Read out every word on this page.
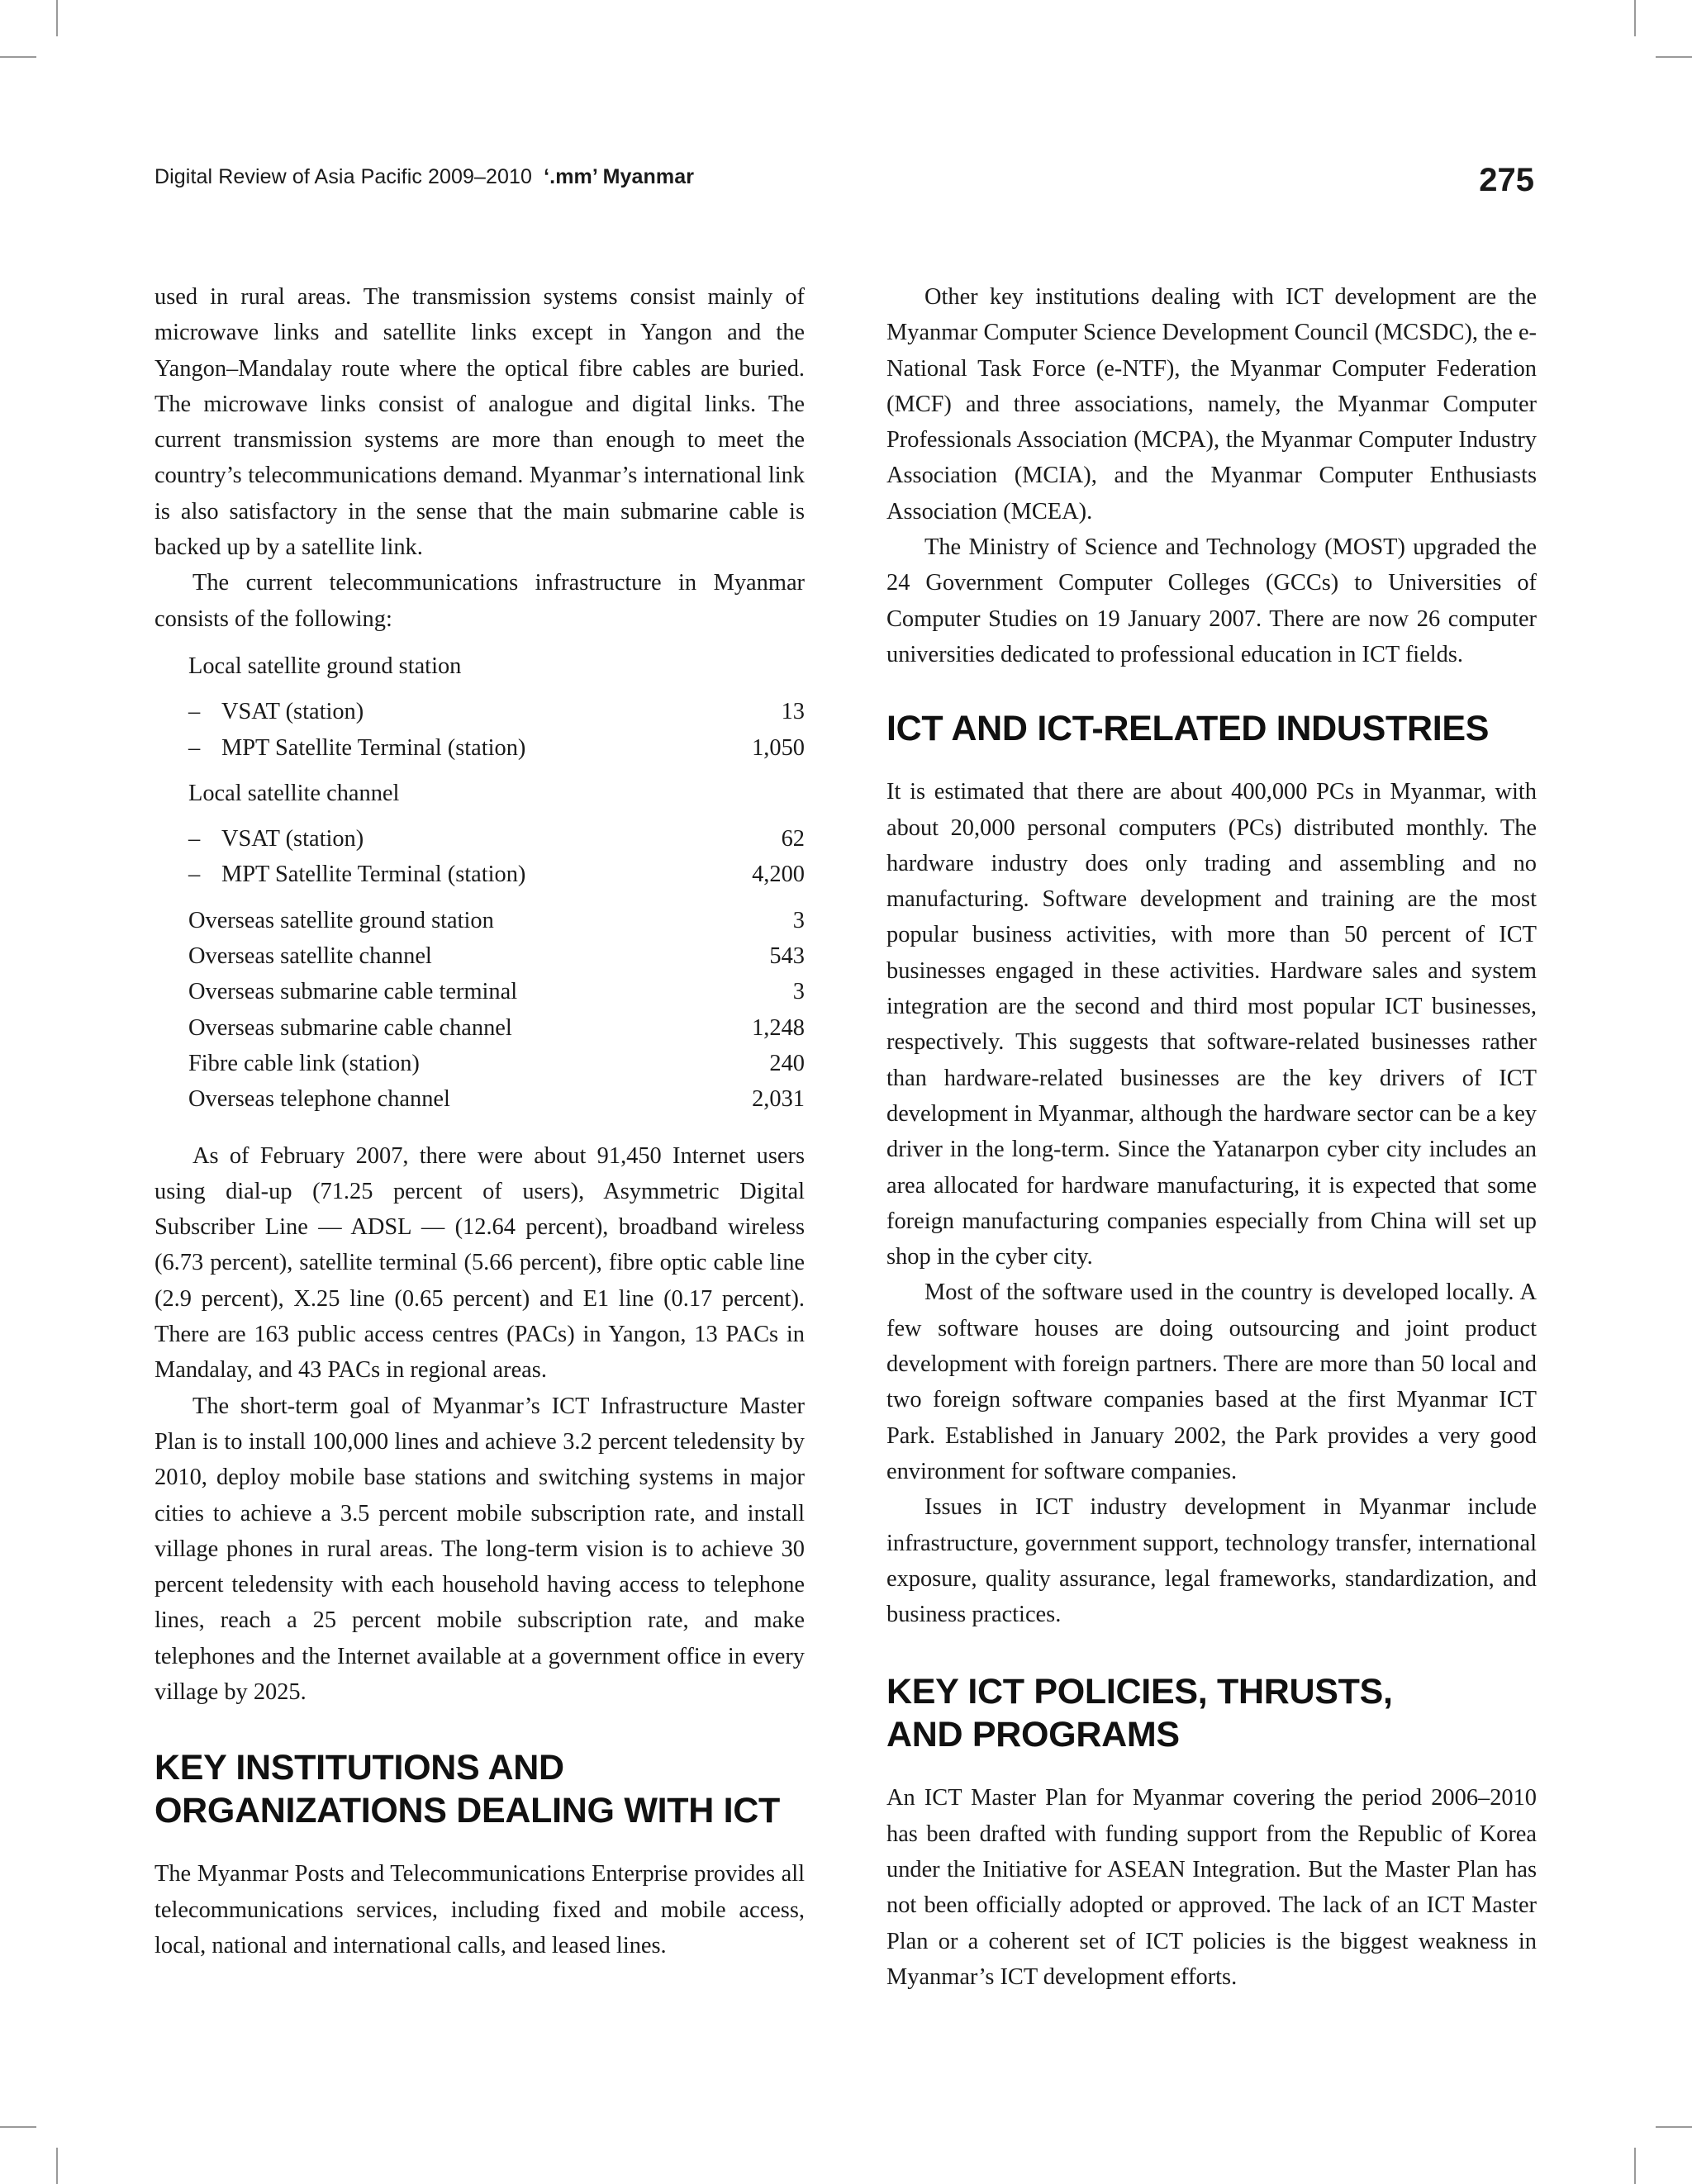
Digital Review of Asia Pacific 2009–2010 ‘.mm’ Myanmar	275

used in rural areas. The transmission systems consist mainly of microwave links and satellite links except in Yangon and the Yangon–Mandalay route where the optical fibre cables are buried. The microwave links consist of analogue and digital links. The current transmission systems are more than enough to meet the country’s telecommunications demand. Myanmar’s international link is also satisfactory in the sense that the main submarine cable is backed up by a satellite link.

The current telecommunications infrastructure in Myanmar consists of the following:

Local satellite ground station

– VSAT (station)	13
– MPT Satellite Terminal (station)	1,050

Local satellite channel

– VSAT (station)	62
– MPT Satellite Terminal (station)	4,200
Overseas satellite ground station	3
Overseas satellite channel	543
Overseas submarine cable terminal	3
Overseas submarine cable channel	1,248
Fibre cable link (station)	240
Overseas telephone channel	2,031

As of February 2007, there were about 91,450 Internet users using dial-up (71.25 percent of users), Asymmetric Digital Subscriber Line — ADSL — (12.64 percent), broadband wireless (6.73 percent), satellite terminal (5.66 percent), fibre optic cable line (2.9 percent), X.25 line (0.65 percent) and E1 line (0.17 percent). There are 163 public access centres (PACs) in Yangon, 13 PACs in Mandalay, and 43 PACs in regional areas.

The short-term goal of Myanmar’s ICT Infrastructure Master Plan is to install 100,000 lines and achieve 3.2 percent teledensity by 2010, deploy mobile base stations and switching systems in major cities to achieve a 3.5 percent mobile subscription rate, and install village phones in rural areas. The long-term vision is to achieve 30 percent teledensity with each household having access to telephone lines, reach a 25 percent mobile subscription rate, and make telephones and the Internet available at a government office in every village by 2025.

KEY INSTITUTIONS AND
ORGANIZATIONS DEALING WITH ICT

The Myanmar Posts and Telecommunications Enterprise provides all telecommunications services, including fixed and mobile access, local, national and international calls, and leased lines.

Other key institutions dealing with ICT development are the Myanmar Computer Science Development Council (MCSDC), the e-National Task Force (e-NTF), the Myanmar Computer Federation (MCF) and three associations, namely, the Myanmar Computer Professionals Association (MCPA), the Myanmar Computer Industry Association (MCIA), and the Myanmar Computer Enthusiasts Association (MCEA).

The Ministry of Science and Technology (MOST) upgraded the 24 Government Computer Colleges (GCCs) to Universities of Computer Studies on 19 January 2007. There are now 26 computer universities dedicated to professional education in ICT fields.

ICT AND ICT-RELATED INDUSTRIES

It is estimated that there are about 400,000 PCs in Myanmar, with about 20,000 personal computers (PCs) distributed monthly. The hardware industry does only trading and assembling and no manufacturing. Software development and training are the most popular business activities, with more than 50 percent of ICT businesses engaged in these activities. Hardware sales and system integration are the second and third most popular ICT businesses, respectively. This suggests that software-related businesses rather than hardware-related businesses are the key drivers of ICT development in Myanmar, although the hardware sector can be a key driver in the long-term. Since the Yatanarpon cyber city includes an area allocated for hardware manufacturing, it is expected that some foreign manufacturing companies especially from China will set up shop in the cyber city.

Most of the software used in the country is developed locally. A few software houses are doing outsourcing and joint product development with foreign partners. There are more than 50 local and two foreign software companies based at the first Myanmar ICT Park. Established in January 2002, the Park provides a very good environment for software companies.

Issues in ICT industry development in Myanmar include infrastructure, government support, technology transfer, international exposure, quality assurance, legal frameworks, standardization, and business practices.

KEY ICT POLICIES, THRUSTS,
AND PROGRAMS

An ICT Master Plan for Myanmar covering the period 2006–2010 has been drafted with funding support from the Republic of Korea under the Initiative for ASEAN Integration. But the Master Plan has not been officially adopted or approved. The lack of an ICT Master Plan or a coherent set of ICT policies is the biggest weakness in Myanmar’s ICT development efforts.
